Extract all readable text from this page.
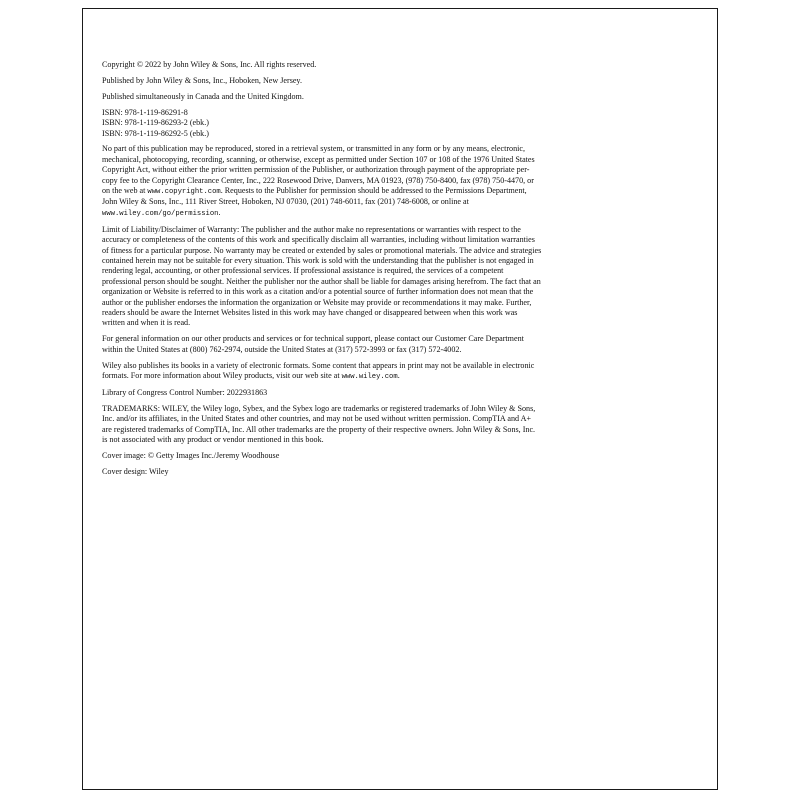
Copyright © 2022 by John Wiley & Sons, Inc. All rights reserved.

Published by John Wiley & Sons, Inc., Hoboken, New Jersey.

Published simultaneously in Canada and the United Kingdom.

ISBN: 978-1-119-86291-8

ISBN: 978-1-119-86293-2 (ebk.)

ISBN: 978-1-119-86292-5 (ebk.)

No part of this publication may be reproduced, stored in a retrieval system, or transmitted in any form or by any means, electronic, mechanical, photocopying, recording, scanning, or otherwise, except as permitted under Section 107 or 108 of the 1976 United States Copyright Act, without either the prior written permission of the Publisher, or authorization through payment of the appropriate per-copy fee to the Copyright Clearance Center, Inc., 222 Rosewood Drive, Danvers, MA 01923, (978) 750-8400, fax (978) 750-4470, or on the web at www.copyright.com. Requests to the Publisher for permission should be addressed to the Permissions Department, John Wiley & Sons, Inc., 111 River Street, Hoboken, NJ 07030, (201) 748-6011, fax (201) 748-6008, or online at www.wiley.com/go/permission.

Limit of Liability/Disclaimer of Warranty: The publisher and the author make no representations or warranties with respect to the accuracy or completeness of the contents of this work and specifically disclaim all warranties, including without limitation warranties of fitness for a particular purpose. No warranty may be created or extended by sales or promotional materials. The advice and strategies contained herein may not be suitable for every situation. This work is sold with the understanding that the publisher is not engaged in rendering legal, accounting, or other professional services. If professional assistance is required, the services of a competent professional person should be sought. Neither the publisher nor the author shall be liable for damages arising herefrom. The fact that an organization or Website is referred to in this work as a citation and/or a potential source of further information does not mean that the author or the publisher endorses the information the organization or Website may provide or recommendations it may make. Further, readers should be aware the Internet Websites listed in this work may have changed or disappeared between when this work was written and when it is read.

For general information on our other products and services or for technical support, please contact our Customer Care Department within the United States at (800) 762-2974, outside the United States at (317) 572-3993 or fax (317) 572-4002.

Wiley also publishes its books in a variety of electronic formats. Some content that appears in print may not be available in electronic formats. For more information about Wiley products, visit our web site at www.wiley.com.

Library of Congress Control Number: 2022931863

TRADEMARKS: WILEY, the Wiley logo, Sybex, and the Sybex logo are trademarks or registered trademarks of John Wiley & Sons, Inc. and/or its affiliates, in the United States and other countries, and may not be used without written permission. CompTIA and A+ are registered trademarks of CompTIA, Inc. All other trademarks are the property of their respective owners. John Wiley & Sons, Inc. is not associated with any product or vendor mentioned in this book.

Cover image: © Getty Images Inc./Jeremy Woodhouse

Cover design: Wiley
